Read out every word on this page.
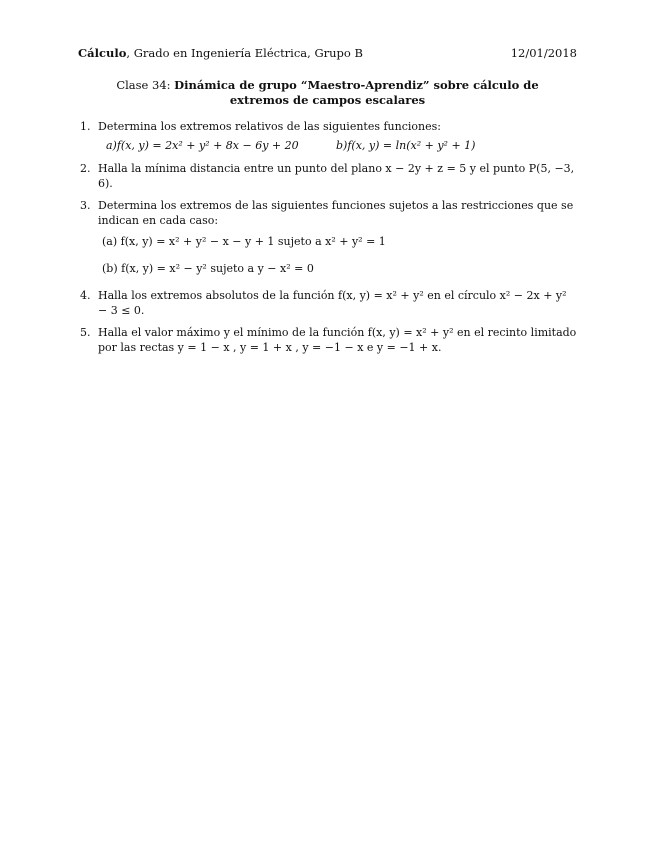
Cálculo, Grado en Ingeniería Eléctrica, Grupo B	12/01/2018
Clase 34: Dinámica de grupo “Maestro-Aprendiz” sobre cálculo de extremos de campos escalares
1. Determina los extremos relativos de las siguientes funciones:
a)f(x, y) = 2x² + y² + 8x − 6y + 20	b)f(x, y) = ln(x² + y² + 1)
2. Halla la mínima distancia entre un punto del plano x − 2y + z = 5 y el punto P(5, −3, 6).
3. Determina los extremos de las siguientes funciones sujetos a las restricciones que se indican en cada caso:
(a) f(x, y) = x² + y² − x − y + 1 sujeto a x² + y² = 1
(b) f(x, y) = x² − y² sujeto a y − x² = 0
4. Halla los extremos absolutos de la función f(x, y) = x² + y² en el círculo x² − 2x + y² − 3 ≤ 0.
5. Halla el valor máximo y el mínimo de la función f(x, y) = x² + y² en el recinto limitado por las rectas y = 1 − x , y = 1 + x , y = −1 − x e y = −1 + x.
